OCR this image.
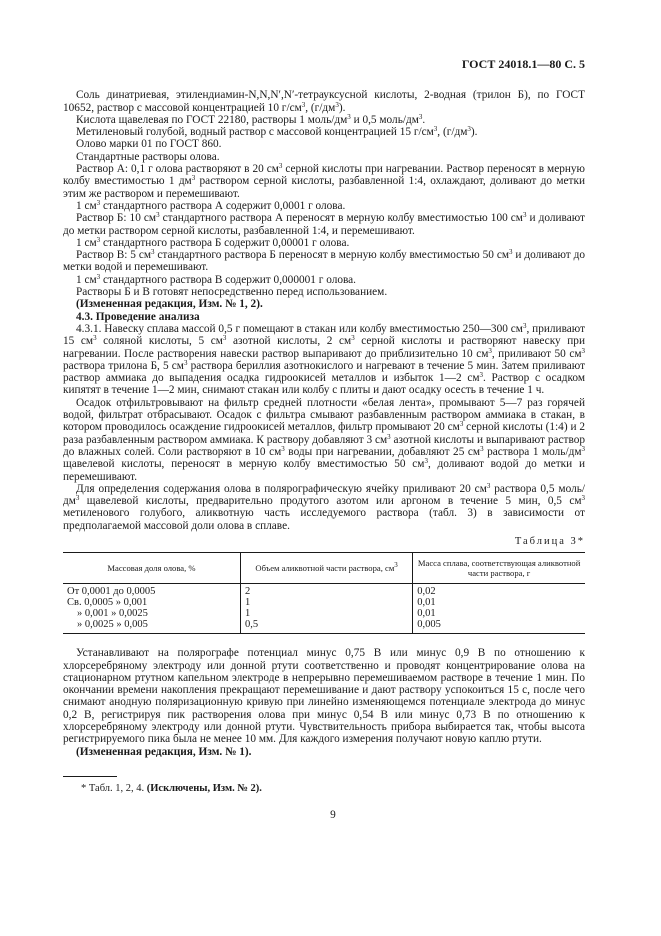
ГОСТ 24018.1—80 С. 5

Соль динатриевая, этилендиамин-N,N,N′,N′-тетрауксусной кислоты, 2-водная (трилон Б), по ГОСТ 10652, раствор с массовой концентрацией 10 $г/см^3$, $(г/дм^3)$.

Кислота щавелевая по ГОСТ 22180, растворы 1 моль/$дм^3$ и 0,5 моль/$дм^3$.

Метиленовый голубой, водный раствор с массовой концентрацией 15 $г/см^3$, $(г/дм^3)$.

Олово марки 01 по ГОСТ 860.

Стандартные растворы олова.

Раствор А: 0,1 г олова растворяют в 20 $см^3$ серной кислоты при нагревании. Раствор переносят в мерную колбу вместимостью 1 $дм^3$ раствором серной кислоты, разбавленной 1:4, охлаждают, доливают до метки этим же раствором и перемешивают.

1 $см^3$ стандартного раствора А содержит 0,0001 г олова.

Раствор Б: 10 $см^3$ стандартного раствора А переносят в мерную колбу вместимостью 100 $см^3$ и доливают до метки раствором серной кислоты, разбавленной 1:4, и перемешивают.

1 $см^3$ стандартного раствора Б содержит 0,00001 г олова.

Раствор В: 5 $см^3$ стандартного раствора Б переносят в мерную колбу вместимостью 50 $см^3$ и доливают до метки водой и перемешивают.

1 $см^3$ стандартного раствора В содержит 0,000001 г олова.

Растворы Б и В готовят непосредственно перед использованием.

(Измененная редакция, Изм. № 1, 2).

4.3. Проведение анализа

4.3.1. Навеску сплава массой 0,5 г помещают в стакан или колбу вместимостью 250—300 $см^3$, приливают 15 $см^3$ соляной кислоты, 5 $см^3$ азотной кислоты, 2 $см^3$ серной кислоты и растворяют навеску при нагревании. После растворения навески раствор выпаривают до приблизительно 10 $см^3$, приливают 50 $см^3$ раствора трилона Б, 5 $см^3$ раствора бериллия азотнокислого и нагревают в течение 5 мин. Затем приливают раствор аммиака до выпадения осадка гидроокисей металлов и избыток 1—2 $см^3$. Раствор с осадком кипятят в течение 1—2 мин, снимают стакан или колбу с плиты и дают осадку осесть в течение 1 ч.

Осадок отфильтровывают на фильтр средней плотности «белая лента», промывают 5—7 раз горячей водой, фильтрат отбрасывают. Осадок с фильтра смывают разбавленным раствором аммиака в стакан, в котором проводилось осаждение гидроокисей металлов, фильтр промывают 20 $см^3$ серной кислоты (1:4) и 2 раза разбавленным раствором аммиака. К раствору добавляют 3 $см^3$ азотной кислоты и выпаривают раствор до влажных солей. Соли растворяют в 10 $см^3$ воды при нагревании, добавляют 25 $см^3$ раствора 1 моль/$дм^3$ щавелевой кислоты, переносят в мерную колбу вместимостью 50 $см^3$, доливают водой до метки и перемешивают.

Для определения содержания олова в полярографическую ячейку приливают 20 $см^3$ раствора 0,5 моль/$дм^3$ щавелевой кислоты, предварительно продутого азотом или аргоном в течение 5 мин, 0,5 $см^3$ метиленового голубого, аликвотную часть исследуемого раствора (табл. 3) в зависимости от предполагаемой массовой доли олова в сплаве.

Таблица 3*
Массовая доля олова, %	Объем аликвотной части раствора, $см^3$	Масса сплава, соответствующая аликвотной части раствора, г
От 0,0001 до 0,0005	2	0,02
Св. 0,0005 » 0,001	1	0,01
» 0,001 » 0,0025	1	0,01
» 0,0025 » 0,005	0,5	0,005

Устанавливают на полярографе потенциал минус 0,75 В или минус 0,9 В по отношению к хлорсеребряному электроду или донной ртути соответственно и проводят концентрирование олова на стационарном ртутном капельном электроде в непрерывно перемешиваемом растворе в течение 1 мин. По окончании времени накопления прекращают перемешивание и дают раствору успокоиться 15 с, после чего снимают анодную поляризационную кривую при линейно изменяющемся потенциале электрода до минус 0,2 В, регистрируя пик растворения олова при минус 0,54 В или минус 0,73 В по отношению к хлорсеребряному электроду или донной ртути. Чувствительность прибора выбирается так, чтобы высота регистрируемого пика была не менее 10 мм. Для каждого измерения получают новую каплю ртути.

(Измененная редакция, Изм. № 1).

* Табл. 1, 2, 4. (Исключены, Изм. № 2).

9
